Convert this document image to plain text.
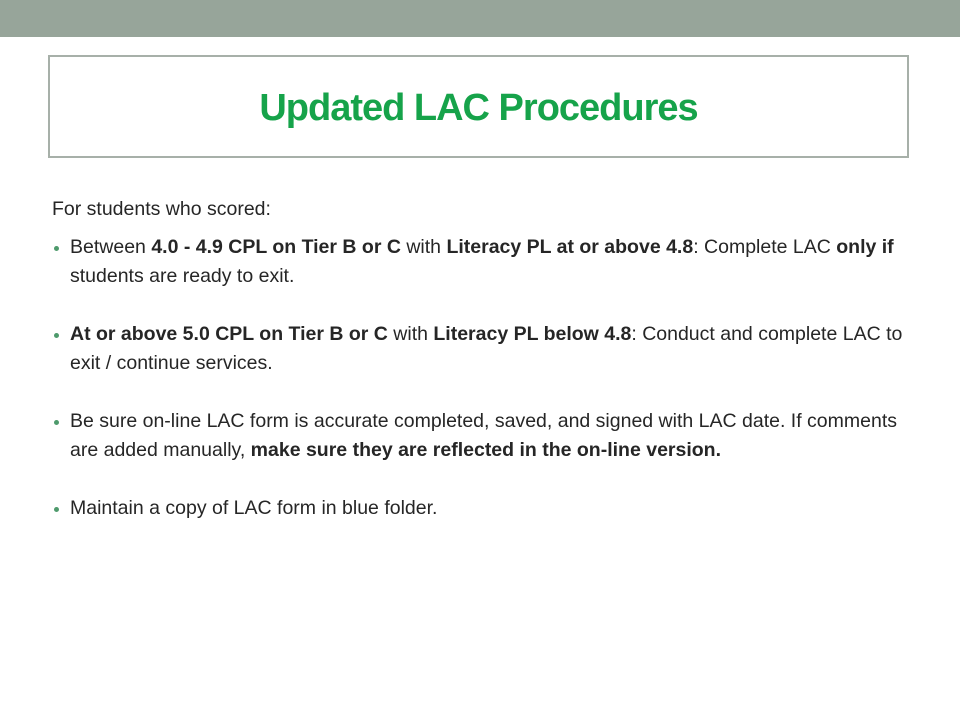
Updated LAC Procedures

For students who scored:

Between 4.0 - 4.9 CPL on Tier B or C with Literacy PL at or above 4.8: Complete LAC only if students are ready to exit.
At or above 5.0 CPL on Tier B or C with Literacy PL below 4.8: Conduct and complete LAC to exit / continue services.
Be sure on-line LAC form is accurate completed, saved, and signed with LAC date. If comments are added manually, make sure they are reflected in the on-line version.
Maintain a copy of LAC form in blue folder.
